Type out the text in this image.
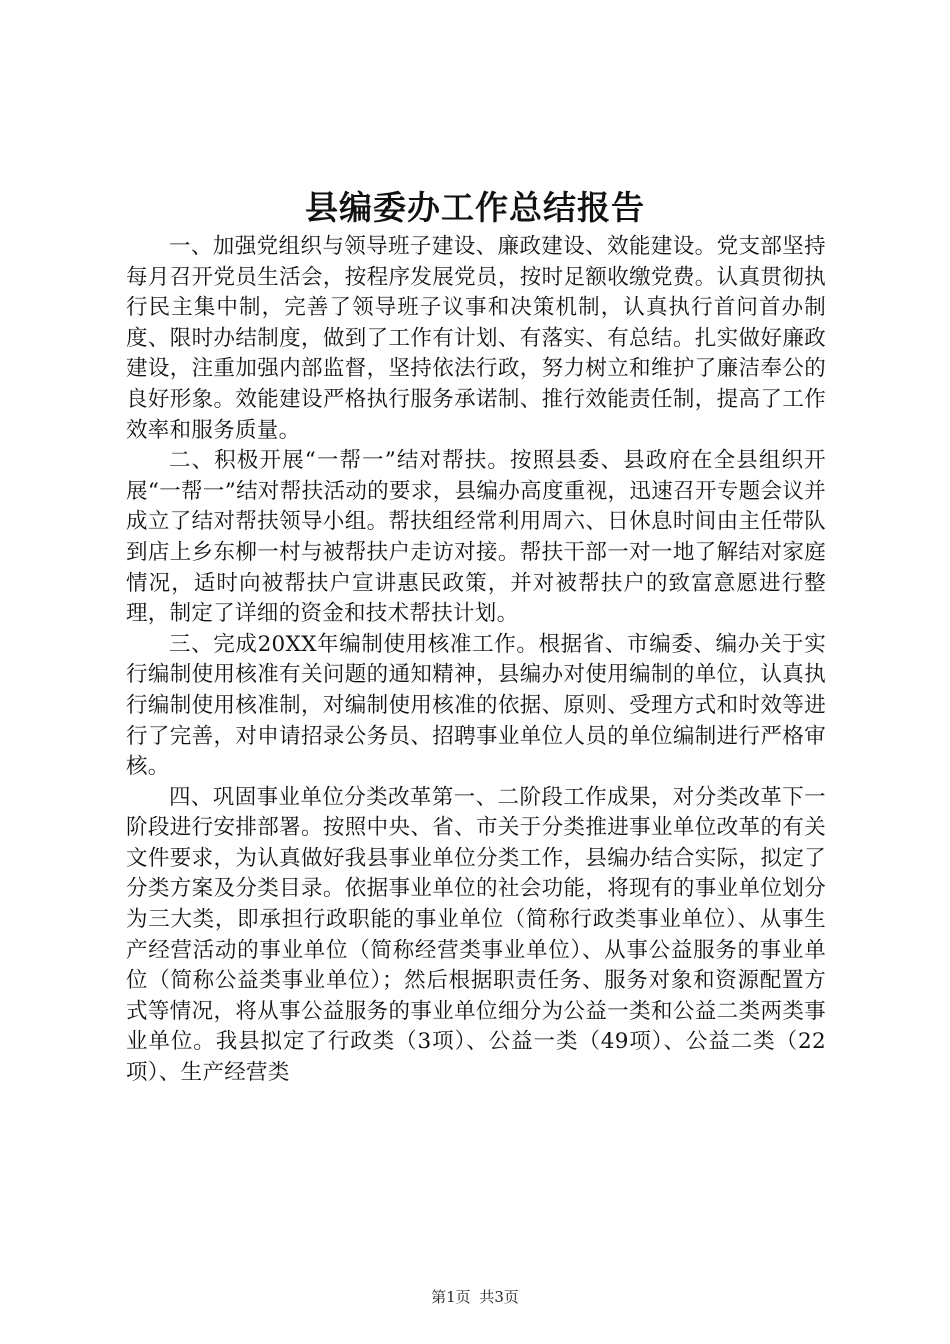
县编委办工作总结报告

一、加强党组织与领导班子建设、廉政建设、效能建设。党支部坚持每月召开党员生活会，按程序发展党员，按时足额收缴党费。认真贯彻执行民主集中制，完善了领导班子议事和决策机制，认真执行首问首办制度、限时办结制度，做到了工作有计划、有落实、有总结。扎实做好廉政建设，注重加强内部监督，坚持依法行政，努力树立和维护了廉洁奉公的良好形象。效能建设严格执行服务承诺制、推行效能责任制，提高了工作效率和服务质量。

二、积极开展“一帮一”结对帮扶。按照县委、县政府在全县组织开展“一帮一”结对帮扶活动的要求，县编办高度重视，迅速召开专题会议并成立了结对帮扶领导小组。帮扶组经常利用周六、日休息时间由主任带队到店上乡东柳一村与被帮扶户走访对接。帮扶干部一对一地了解结对家庭情况，适时向被帮扶户宣讲惠民政策，并对被帮扶户的致富意愿进行整理，制定了详细的资金和技术帮扶计划。

三、完成20XX年编制使用核准工作。根据省、市编委、编办关于实行编制使用核准有关问题的通知精神，县编办对使用编制的单位，认真执行编制使用核准制，对编制使用核准的依据、原则、受理方式和时效等进行了完善，对申请招录公务员、招聘事业单位人员的单位编制进行严格审核。

四、巩固事业单位分类改革第一、二阶段工作成果，对分类改革下一阶段进行安排部署。按照中央、省、市关于分类推进事业单位改革的有关文件要求，为认真做好我县事业单位分类工作，县编办结合实际，拟定了分类方案及分类目录。依据事业单位的社会功能，将现有的事业单位划分为三大类，即承担行政职能的事业单位（简称行政类事业单位）、从事生产经营活动的事业单位（简称经营类事业单位）、从事公益服务的事业单位（简称公益类事业单位）；然后根据职责任务、服务对象和资源配置方式等情况，将从事公益服务的事业单位细分为公益一类和公益二类两类事业单位。我县拟定了行政类（3项）、公益一类（49项）、公益二类（22项）、生产经营类

第1页 共3页
